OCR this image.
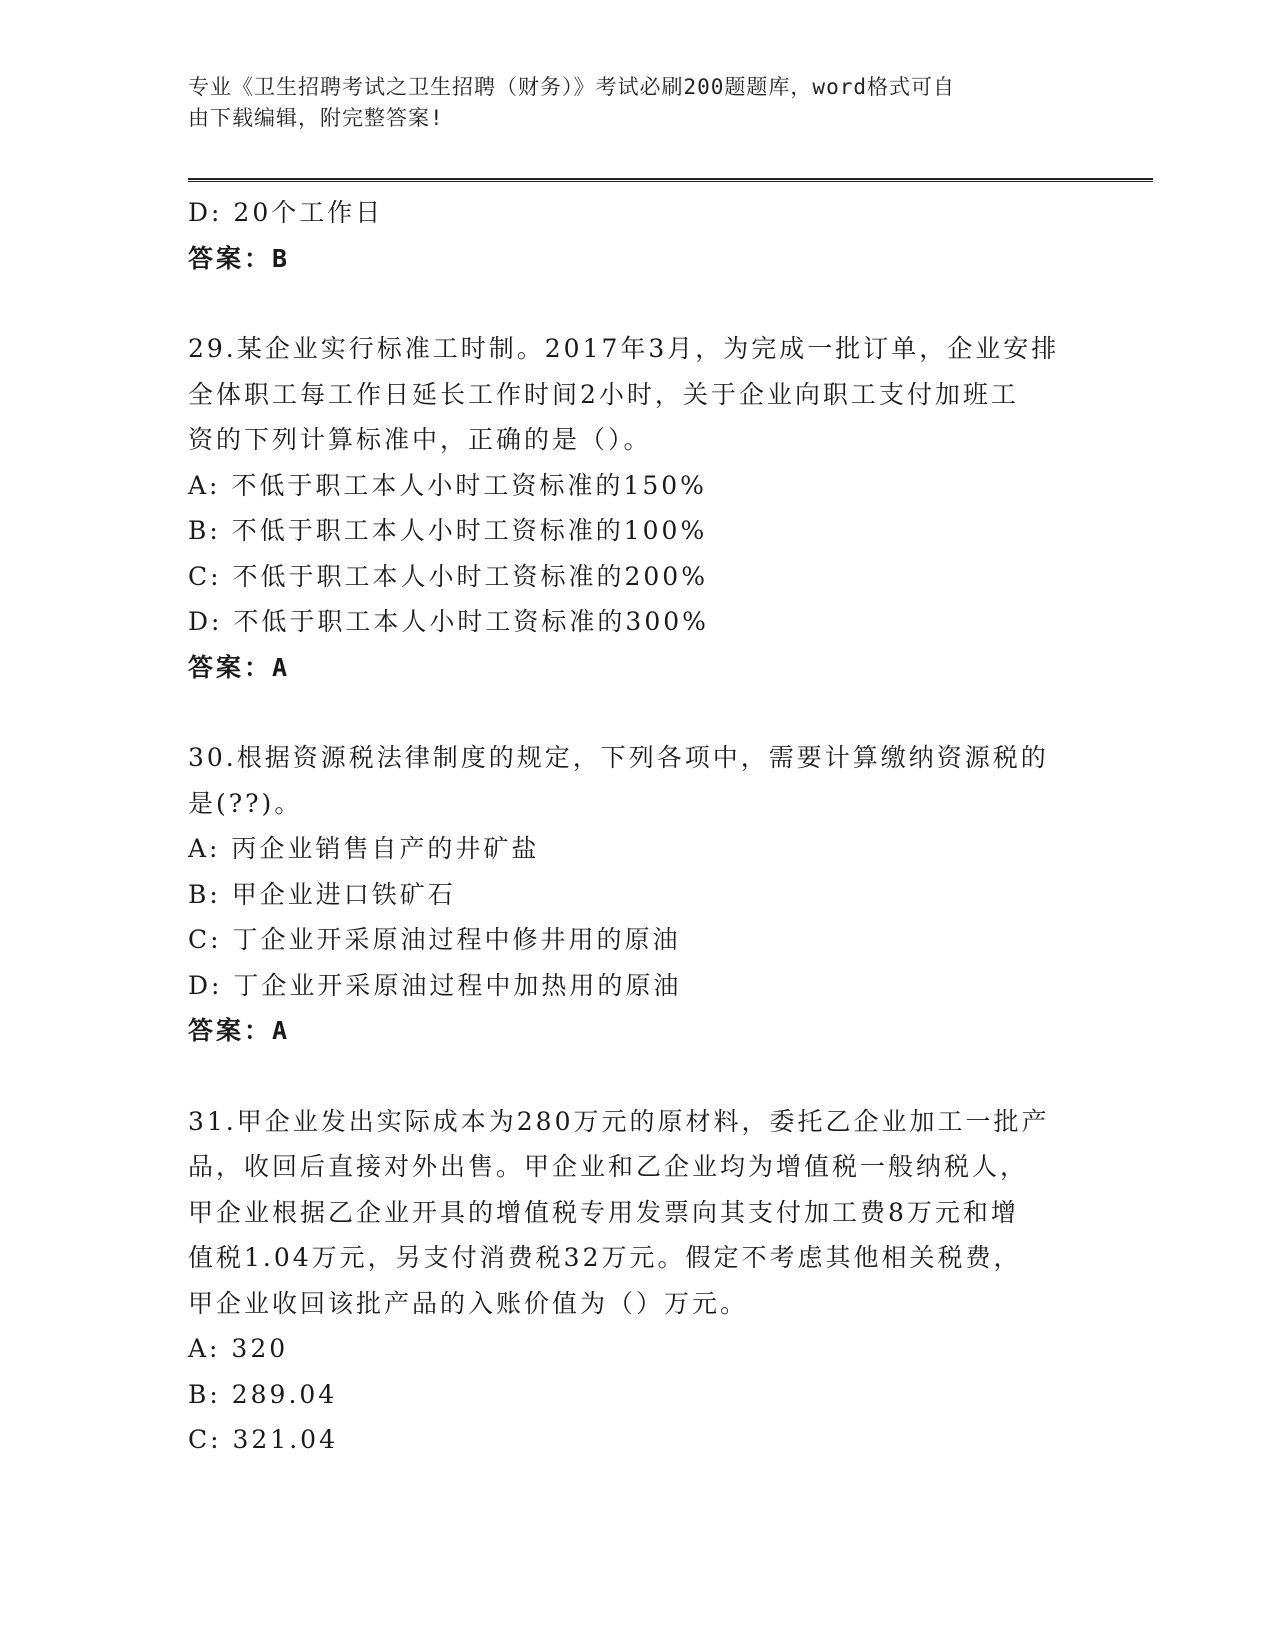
专业《卫生招聘考试之卫生招聘（财务）》考试必刷200题题库，word格式可自
由下载编辑，附完整答案!
D: 20个工作日
答案：B
29.某企业实行标准工时制。2017年3月，为完成一批订单，企业安排
全体职工每工作日延长工作时间2小时，关于企业向职工支付加班工
资的下列计算标准中，正确的是（）。
A: 不低于职工本人小时工资标准的150%
B: 不低于职工本人小时工资标准的100%
C: 不低于职工本人小时工资标准的200%
D: 不低于职工本人小时工资标准的300%
答案：A
30.根据资源税法律制度的规定，下列各项中，需要计算缴纳资源税的
是(??)。
A: 丙企业销售自产的井矿盐
B: 甲企业进口铁矿石
C: 丁企业开采原油过程中修井用的原油
D: 丁企业开采原油过程中加热用的原油
答案：A
31.甲企业发出实际成本为280万元的原材料，委托乙企业加工一批产
品，收回后直接对外出售。甲企业和乙企业均为增值税一般纳税人，
甲企业根据乙企业开具的增值税专用发票向其支付加工费8万元和增
值税1.04万元，另支付消费税32万元。假定不考虑其他相关税费，
甲企业收回该批产品的入账价值为（）万元。
A: 320
B: 289.04
C: 321.04
